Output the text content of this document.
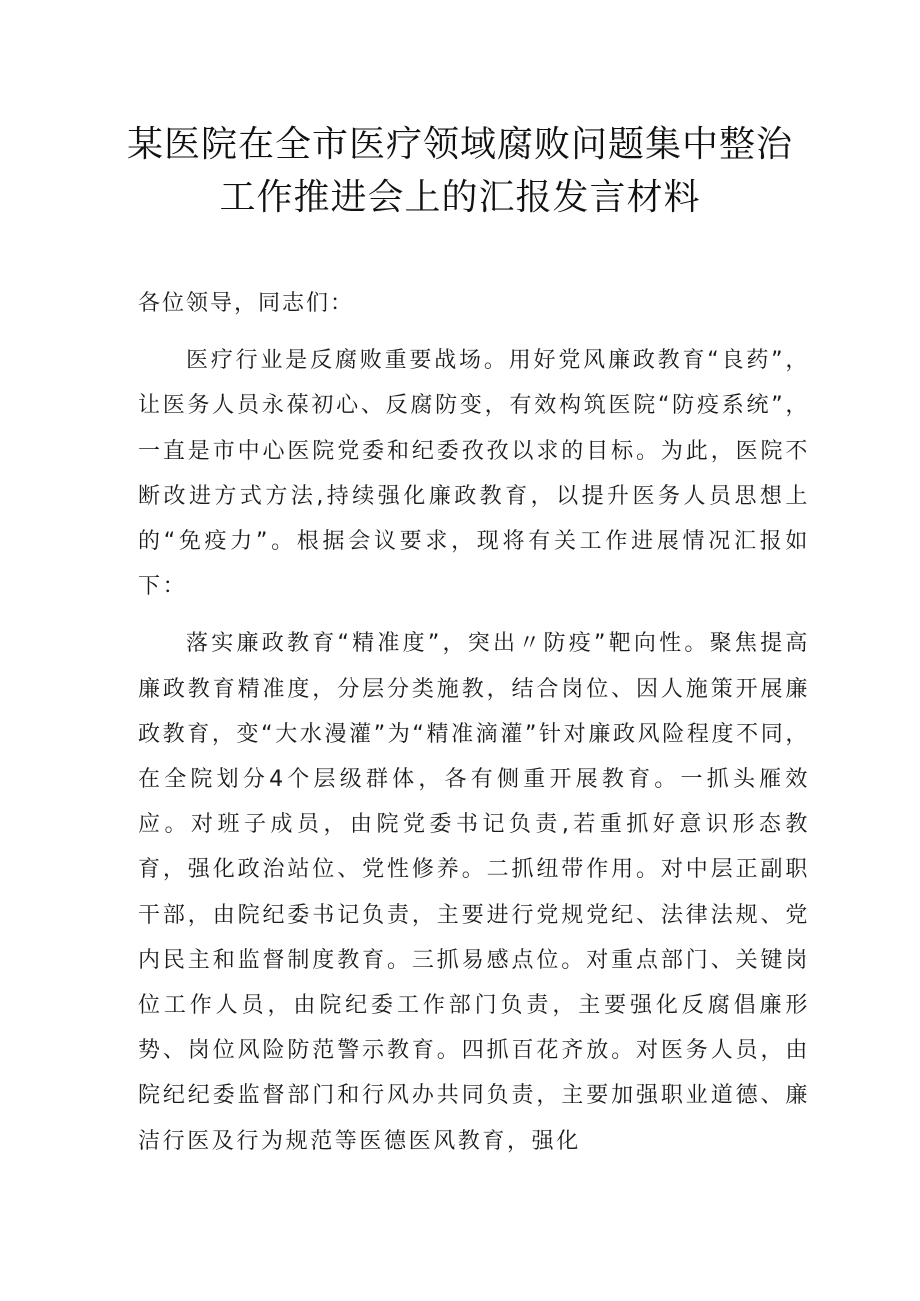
某医院在全市医疗领域腐败问题集中整治
工作推进会上的汇报发言材料

各位领导，同志们：

医疗行业是反腐败重要战场。用好党风廉政教育“良药”，让医务人员永葆初心、反腐防变，有效构筑医院“防疫系统”，一直是市中心医院党委和纪委孜孜以求的目标。为此，医院不断改进方式方法,持续强化廉政教育，以提升医务人员思想上的“免疫力”。根据会议要求，现将有关工作进展情况汇报如下：

落实廉政教育“精准度”，突出〃防疫”靶向性。聚焦提高廉政教育精准度，分层分类施教，结合岗位、因人施策开展廉政教育，变“大水漫灌”为“精准滴灌”针对廉政风险程度不同，在全院划分4个层级群体，各有侧重开展教育。一抓头雁效应。对班子成员，由院党委书记负责,若重抓好意识形态教育，强化政治站位、党性修养。二抓纽带作用。对中层正副职干部，由院纪委书记负责，主要进行党规党纪、法律法规、党内民主和监督制度教育。三抓易感点位。对重点部门、关键岗位工作人员，由院纪委工作部门负责，主要强化反腐倡廉形势、岗位风险防范警示教育。四抓百花齐放。对医务人员，由院纪纪委监督部门和行风办共同负责，主要加强职业道德、廉洁行医及行为规范等医德医风教育，强化
